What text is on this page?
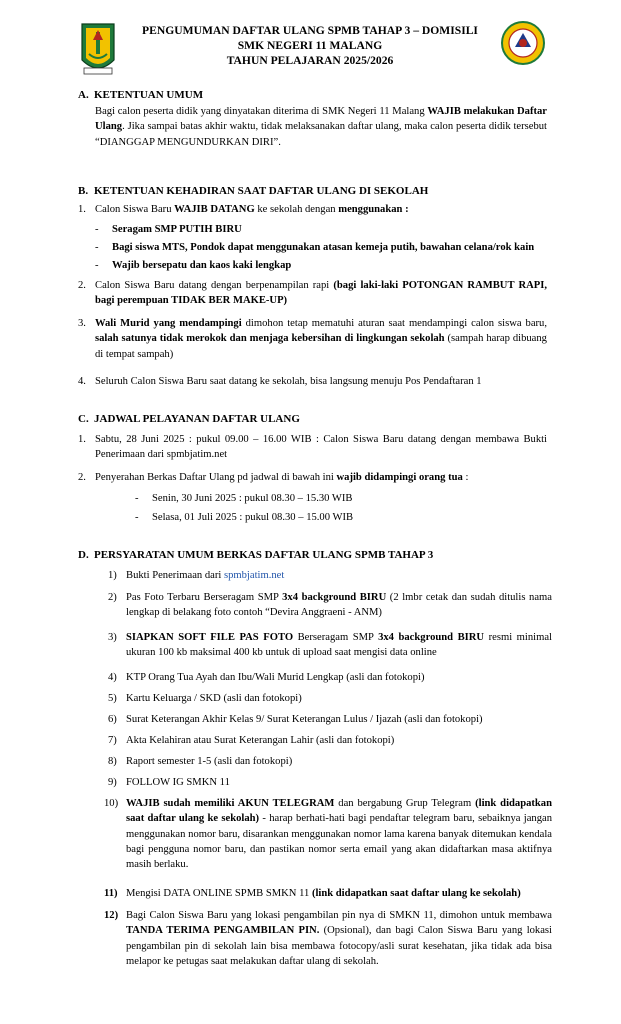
PENGUMUMAN DAFTAR ULANG SPMB TAHAP 3 – DOMISILI
SMK NEGERI 11 MALANG
TAHUN PELAJARAN 2025/2026
A. KETENTUAN UMUM
Bagi calon peserta didik yang dinyatakan diterima di SMK Negeri 11 Malang WAJIB melakukan Daftar Ulang. Jika sampai batas akhir waktu, tidak melaksanakan daftar ulang, maka calon peserta didik tersebut “DIANGGAP MENGUNDURKAN DIRI”.
B. KETENTUAN KEHADIRAN SAAT DAFTAR ULANG DI SEKOLAH
1. Calon Siswa Baru WAJIB DATANG ke sekolah dengan menggunakan :
- Seragam SMP PUTIH BIRU
- Bagi siswa MTS, Pondok dapat menggunakan atasan kemeja putih, bawahan celana/rok kain
- Wajib bersepatu dan kaos kaki lengkap
2. Calon Siswa Baru datang dengan berpenampilan rapi (bagi laki-laki POTONGAN RAMBUT RAPI, bagi perempuan TIDAK BER MAKE-UP)
3. Wali Murid yang mendampingi dimohon tetap mematuhi aturan saat mendampingi calon siswa baru, salah satunya tidak merokok dan menjaga kebersihan di lingkungan sekolah (sampah harap dibuang di tempat sampah)
4. Seluruh Calon Siswa Baru saat datang ke sekolah, bisa langsung menuju Pos Pendaftaran 1
C. JADWAL PELAYANAN DAFTAR ULANG
1. Sabtu, 28 Juni 2025 : pukul 09.00 – 16.00 WIB : Calon Siswa Baru datang dengan membawa Bukti Penerimaan dari spmbjatim.net
2. Penyerahan Berkas Daftar Ulang pd jadwal di bawah ini wajib didampingi orang tua :
- Senin, 30 Juni 2025 : pukul 08.30 – 15.30 WIB
- Selasa, 01 Juli 2025 : pukul 08.30 – 15.00 WIB
D. PERSYARATAN UMUM BERKAS DAFTAR ULANG SPMB TAHAP 3
1) Bukti Penerimaan dari spmbjatim.net
2) Pas Foto Terbaru Berseragam SMP 3x4 background BIRU (2 lmbr cetak dan sudah ditulis nama lengkap di belakang foto contoh “Devira Anggraeni - ANM)
3) SIAPKAN SOFT FILE PAS FOTO Berseragam SMP 3x4 background BIRU resmi minimal ukuran 100 kb maksimal 400 kb untuk di upload saat mengisi data online
4) KTP Orang Tua Ayah dan Ibu/Wali Murid Lengkap (asli dan fotokopi)
5) Kartu Keluarga / SKD (asli dan fotokopi)
6) Surat Keterangan Akhir Kelas 9/ Surat Keterangan Lulus / Ijazah (asli dan fotokopi)
7) Akta Kelahiran atau Surat Keterangan Lahir (asli dan fotokopi)
8) Raport semester 1-5 (asli dan fotokopi)
9) FOLLOW IG SMKN 11
10) WAJIB sudah memiliki AKUN TELEGRAM dan bergabung Grup Telegram (link didapatkan saat daftar ulang ke sekolah) - harap berhati-hati bagi pendaftar telegram baru, sebaiknya jangan menggunakan nomor baru, disarankan menggunakan nomor lama karena banyak ditemukan kendala bagi pengguna nomor baru, dan pastikan nomor serta email yang akan didaftarkan masa aktifnya masih berlaku.
11) Mengisi DATA ONLINE SPMB SMKN 11 (link didapatkan saat daftar ulang ke sekolah)
12) Bagi Calon Siswa Baru yang lokasi pengambilan pin nya di SMKN 11, dimohon untuk membawa TANDA TERIMA PENGAMBILAN PIN. (Opsional), dan bagi Calon Siswa Baru yang lokasi pengambilan pin di sekolah lain bisa membawa fotocopy/asli surat kesehatan, jika tidak ada bisa melapor ke petugas saat melakukan daftar ulang di sekolah.
